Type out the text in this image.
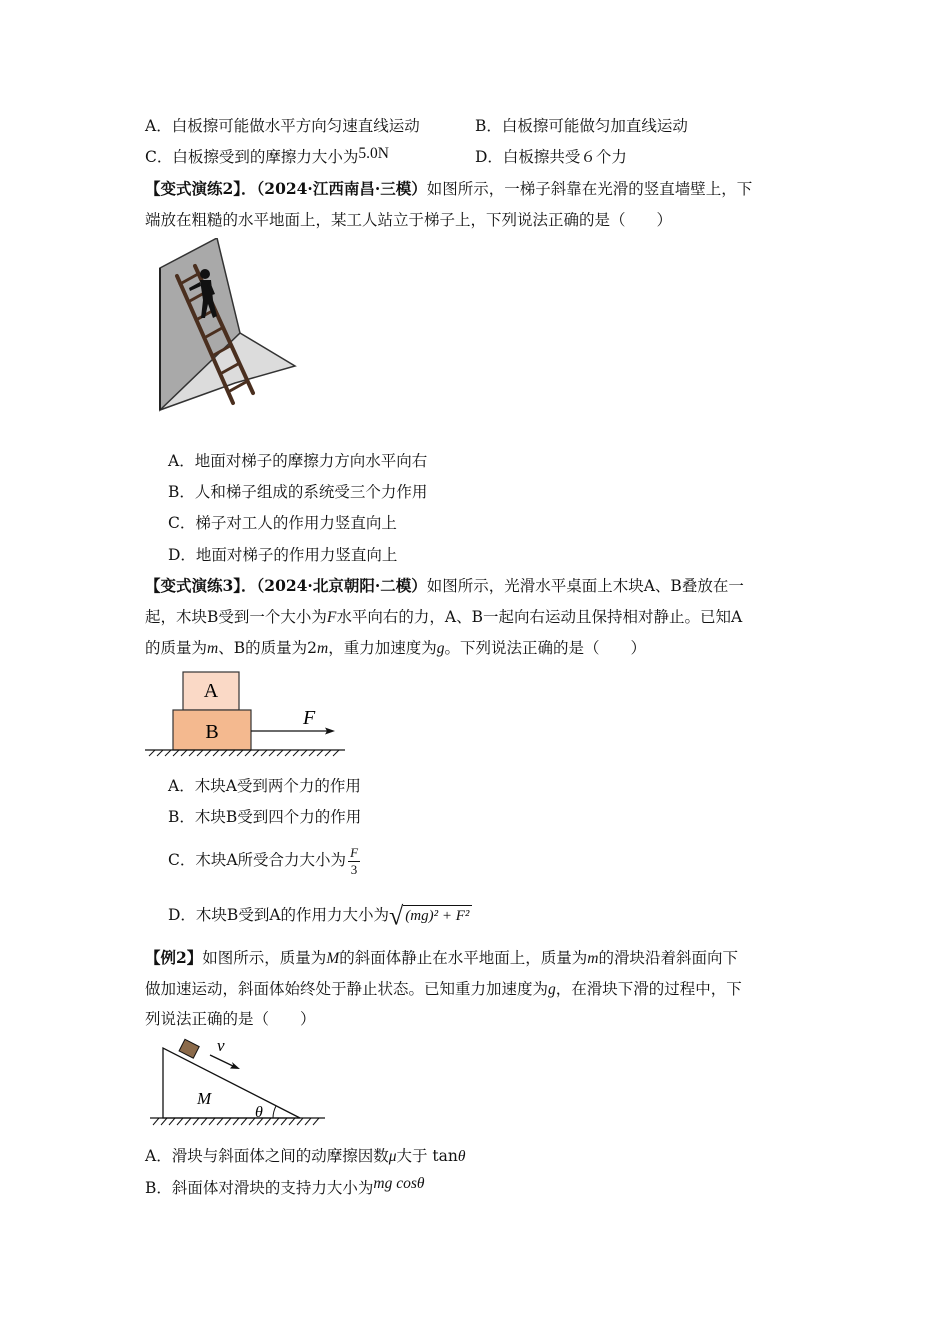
A．白板擦可能做水平方向匀速直线运动	B．白板擦可能做匀加直线运动
C．白板擦受到的摩擦力大小为5.0N	D．白板擦共受６个力
【变式演练2】．（2024·江西南昌·三模）如图所示，一梯子斜靠在光滑的竖直墙壁上，下
端放在粗糙的水平地面上，某工人站立于梯子上，下列说法正确的是（　　）
A．地面对梯子的摩擦力方向水平向右
B．人和梯子组成的系统受三个力作用
C．梯子对工人的作用力竖直向上
D．地面对梯子的作用力竖直向上
【变式演练3】．（2024·北京朝阳·二模）如图所示，光滑水平桌面上木块A、B叠放在一
起，木块B受到一个大小为F水平向右的力，A、B一起向右运动且保持相对静止。已知A
的质量为m、B的质量为2m，重力加速度为g。下列说法正确的是（　　）
A
B
F
A．木块A受到两个力的作用
B．木块B受到四个力的作用
C．木块A所受合力大小为 $\frac{F}{3}$
D．木块B受到A的作用力大小为√ (mg)² + F²
【例2】如图所示，质量为M的斜面体静止在水平地面上，质量为m的滑块沿着斜面向下
做加速运动，斜面体始终处于静止状态。已知重力加速度为g，在滑块下滑的过程中，下
列说法正确的是（　　）
v
M
θ
A．滑块与斜面体之间的动摩擦因数μ大于 tanθ
B．斜面体对滑块的支持力大小为mg cosθ
